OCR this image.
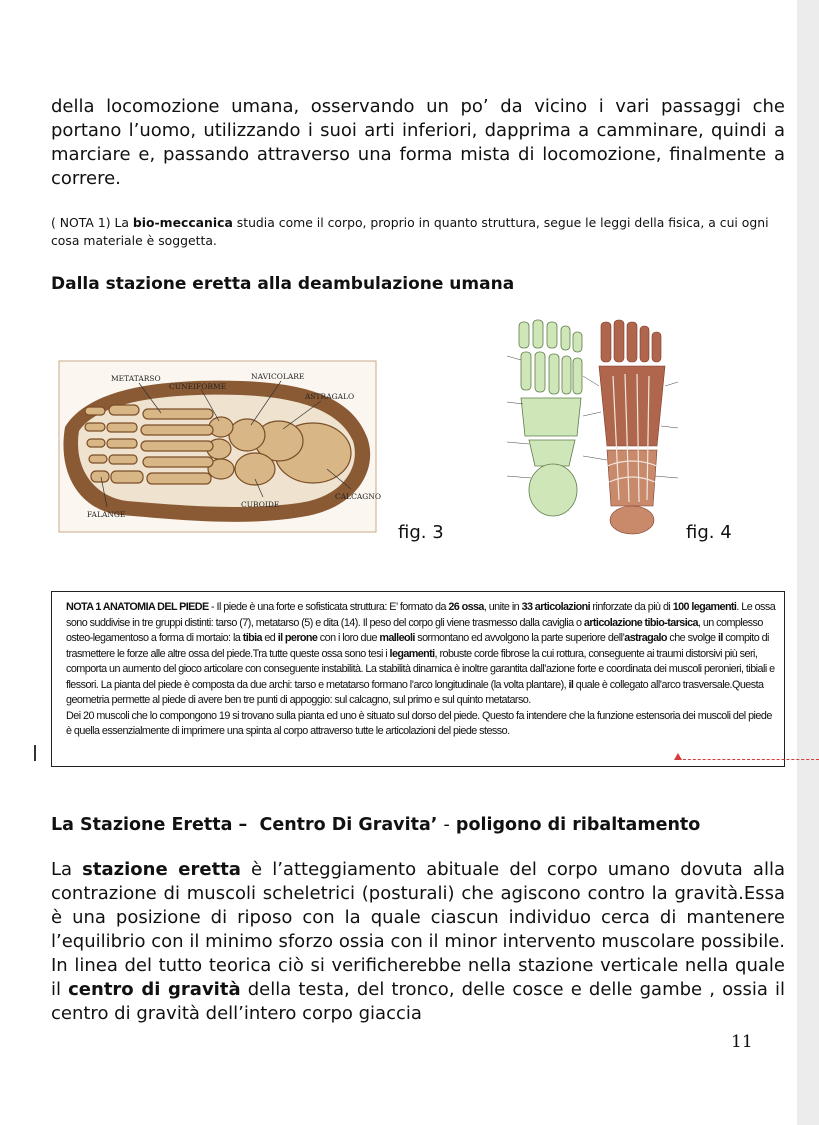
della locomozione umana, osservando un po’ da vicino i vari passaggi che portano l’uomo, utilizzando i suoi arti inferiori, dapprima a camminare, quindi a marciare e, passando attraverso una forma mista di locomozione, finalmente a correre.

( NOTA 1) La bio-meccanica studia come il corpo, proprio in quanto struttura, segue le leggi della fisica, a cui ogni cosa materiale è soggetta.

Dalla stazione eretta alla deambulazione umana
METATARSO
CUNEIFORME
NAVICOLARE
ASTRAGALO
CALCAGNO
CUBOIDE
FALANGE
fig. 3	fig. 4

NOTA 1 ANATOMIA DEL PIEDE - Il piede è una forte e sofisticata struttura: E’ formato da 26 ossa, unite in 33 articolazioni rinforzate da più di 100 legamenti. Le ossa sono suddivise in tre gruppi distinti: tarso (7), metatarso (5) e dita (14). Il peso del corpo gli viene trasmesso dalla caviglia o articolazione tibio-tarsica, un complesso osteo-legamentoso a forma di mortaio: la tibia ed il perone con i loro due malleoli sormontano ed avvolgono la parte superiore dell’astragalo che svolge il compito di trasmettere le forze alle altre ossa del piede.Tra tutte queste ossa sono tesi i legamenti, robuste corde fibrose la cui rottura, conseguente ai traumi distorsivi più seri, comporta un aumento del gioco articolare con conseguente instabilità. La stabilità dinamica è inoltre garantita dall’azione forte e coordinata dei muscoli peronieri, tibiali e flessori. La pianta del piede è composta da due archi: tarso e metatarso formano l’arco longitudinale (la volta plantare), il quale è collegato all’arco trasversale.Questa geometria permette al piede di avere ben tre punti di appoggio: sul calcagno, sul primo e sul quinto metatarso.
Dei 20 muscoli che lo compongono 19 si trovano sulla pianta ed uno è situato sul dorso del piede. Questo fa intendere che la funzione estensoria dei muscoli del piede è quella essenzialmente di imprimere una spinta al corpo attraverso tutte le articolazioni del piede stesso.

La Stazione Eretta –  Centro Di Gravita’ - poligono di ribaltamento

La stazione eretta è l’atteggiamento abituale del corpo umano dovuta alla contrazione di muscoli scheletrici (posturali) che agiscono contro la gravità.Essa è una posizione di riposo con la quale ciascun individuo cerca di mantenere l’equilibrio con il minimo sforzo ossia con il minor intervento muscolare possibile. In linea del tutto teorica ciò si verificherebbe nella stazione verticale nella quale il centro di gravità della testa, del tronco, delle cosce e delle gambe , ossia il centro di gravità dell’intero corpo giaccia

11
